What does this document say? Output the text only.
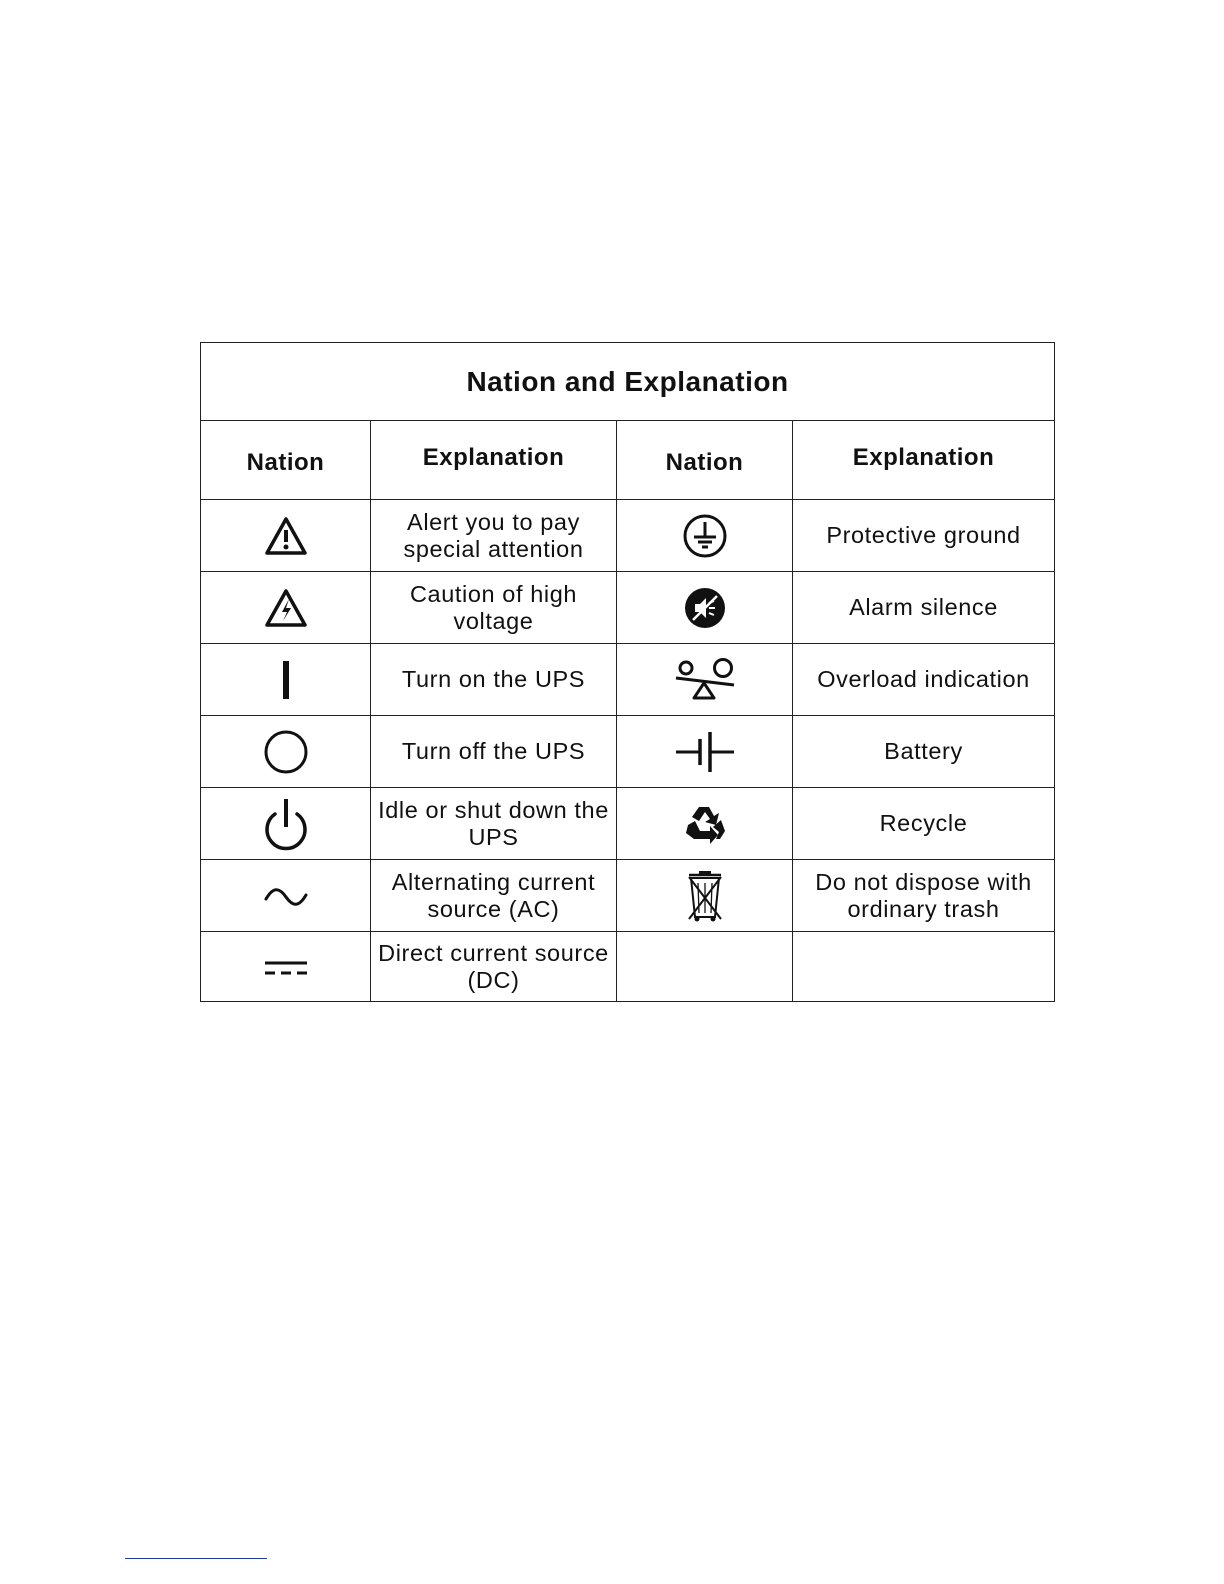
Nation and Explanation			
Nation	Explanation	Nation	Explanation

	Alert you to pay special attention		Protective ground

	Caution of high voltage		Alarm silence

	Turn on the UPS		Overload indication

	Turn off the UPS		Battery

	Idle or shut down the UPS		Recycle

	Alternating current source (AC)		Do not dispose with ordinary trash

	Direct current source (DC)		
